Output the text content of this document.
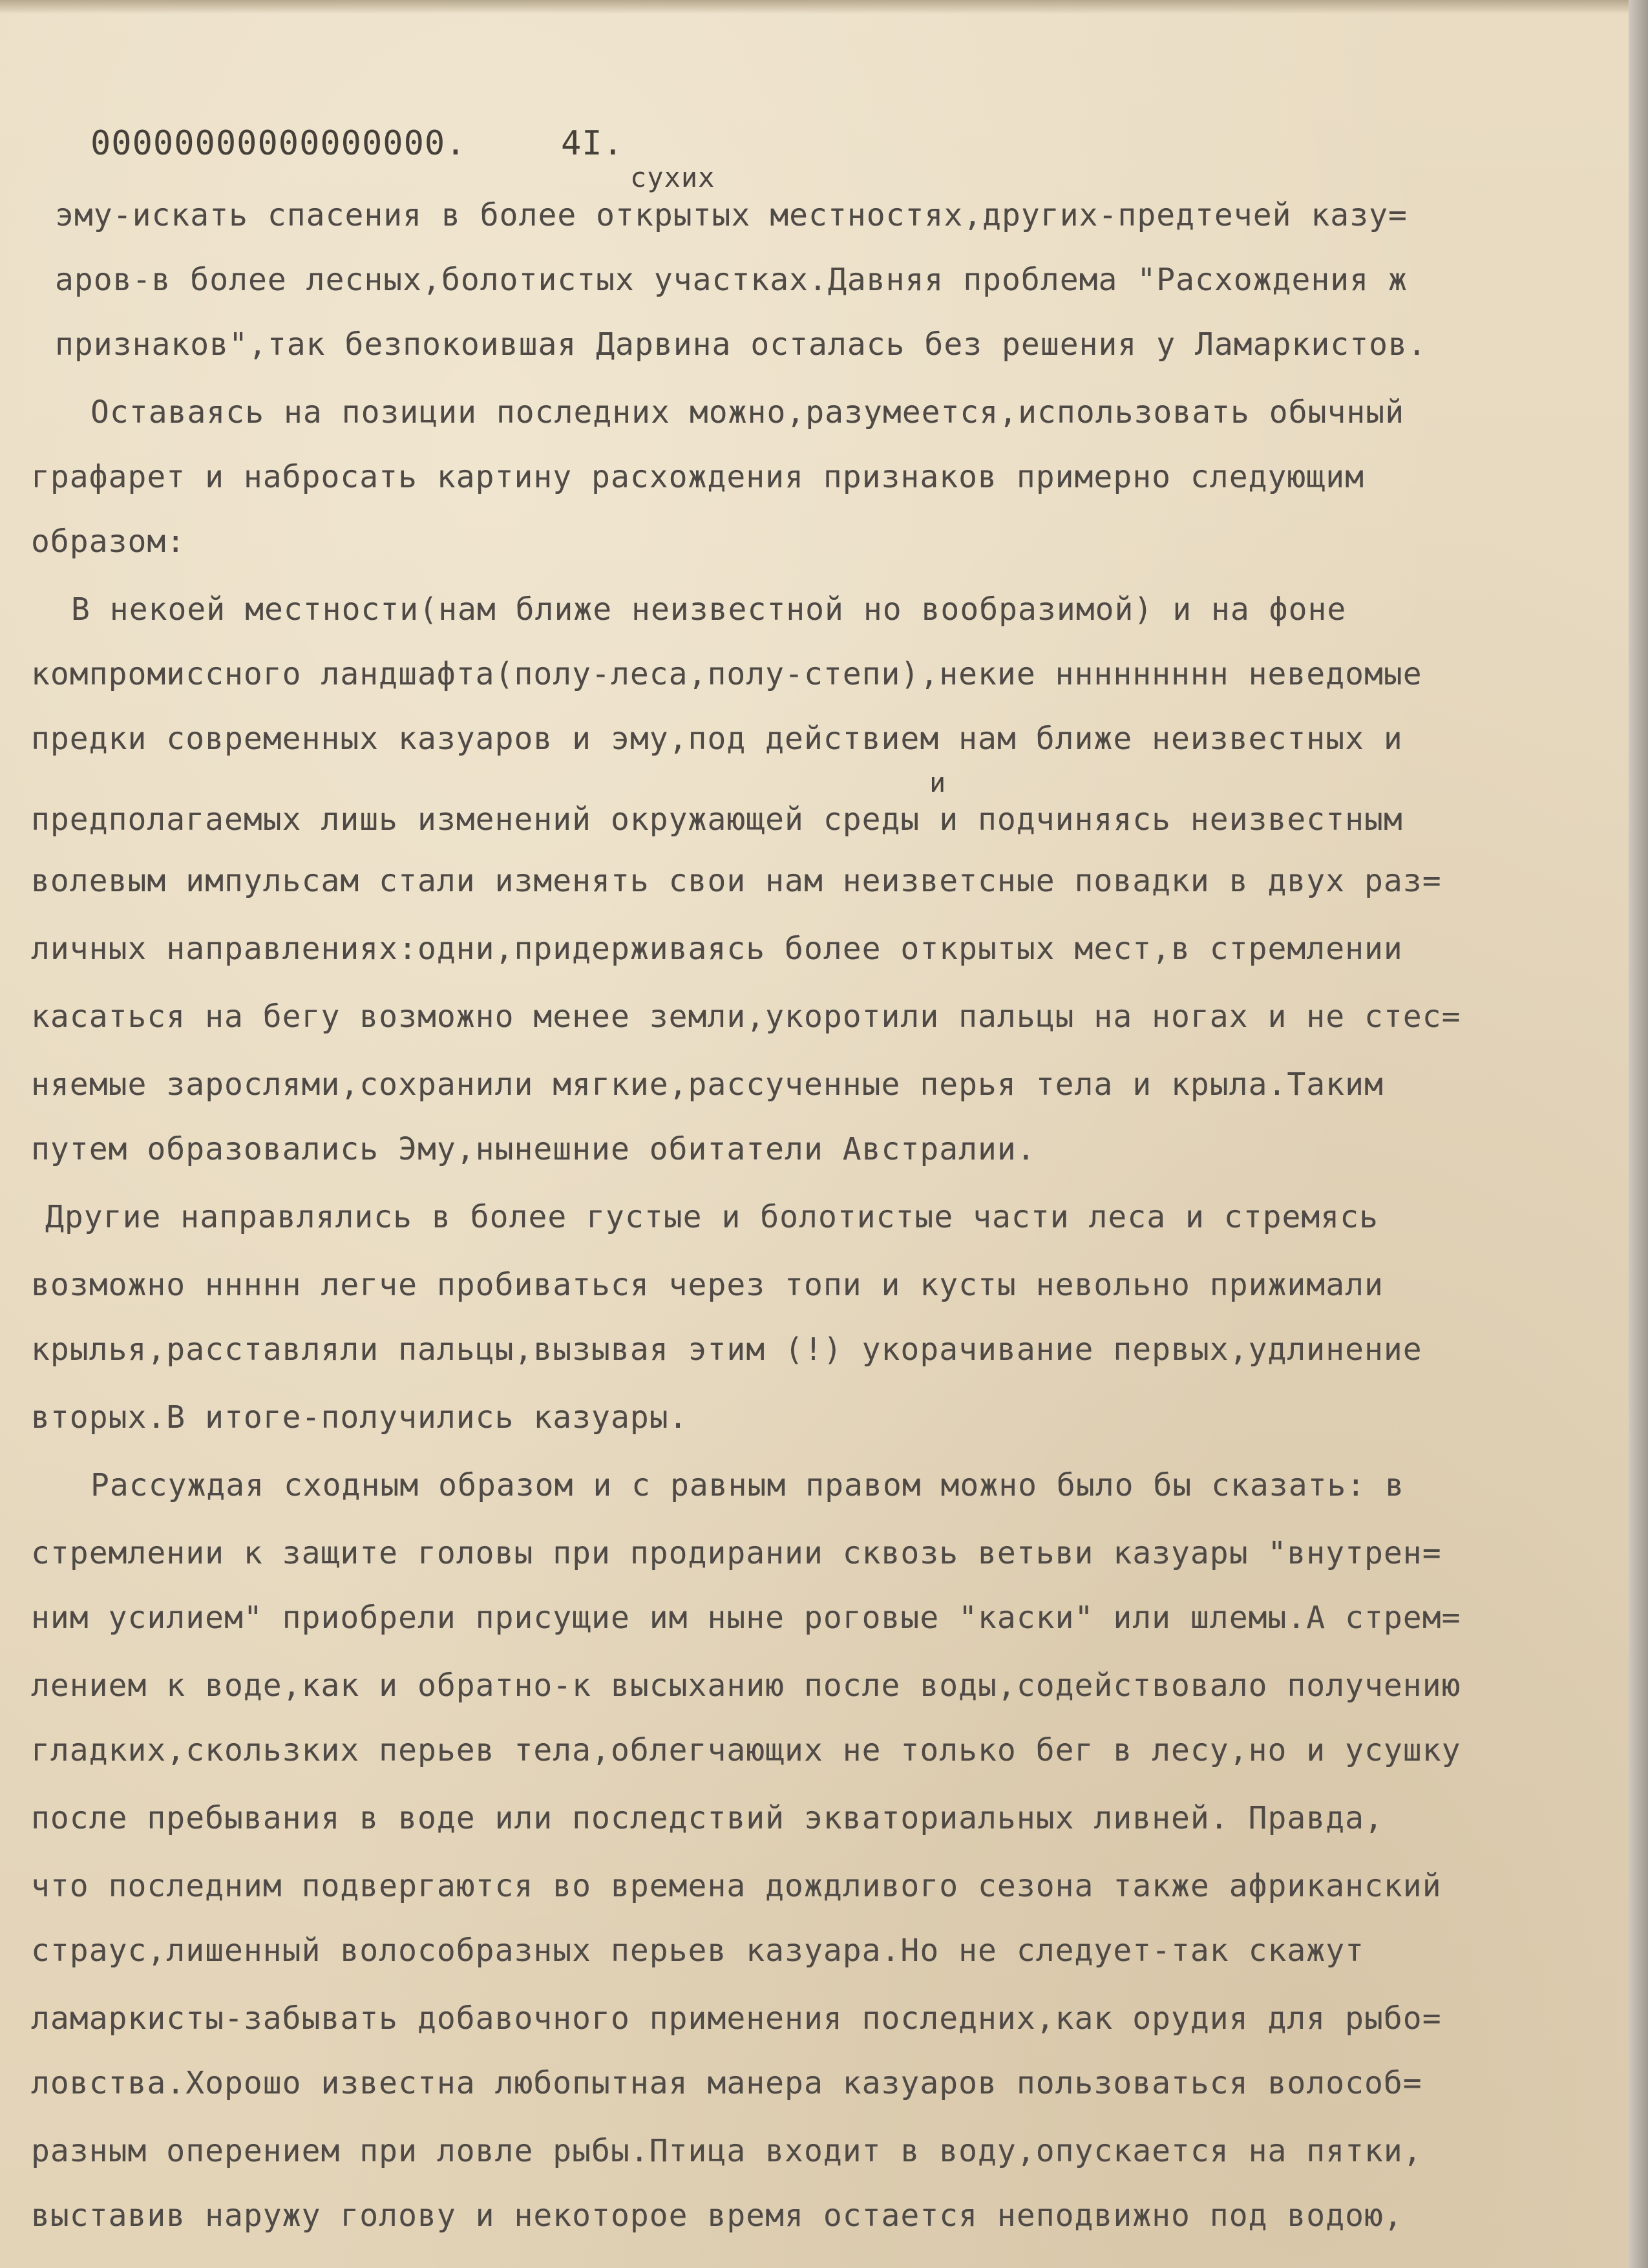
00000000000000000.

	4I.

сухих

и

эму-искать спасения в более открытых местностях,других-предтечей казу=

аров-в более лесных,болотистых участках.Давняя проблема "Расхождения ж

признаков",так безпокоившая Дарвина осталась без решения у Ламаркистов.

Оставаясь на позиции последних можно,разумеется,использовать обычный

графарет и набросать картину расхождения признаков примерно следующим

образом:

В некоей местности(нам ближе неизвестной но вообразимой) и на фоне

компромиссного ландшафта(полу-леса,полу-степи),некие ннннннннн неведомые

предки современных казуаров и эму,под действием нам ближе неизвестных и

предполагаемых лишь изменений окружающей среды и подчиняясь неизвестным

волевым импульсам стали изменять свои нам неизветсные повадки в двух раз=

личных направлениях:одни,придерживаясь более открытых мест,в стремлении

касаться на бегу возможно менее земли,укоротили пальцы на ногах и не стес=

няемые зарослями,сохранили мягкие,рассученные перья тела и крыла.Таким

путем образовались Эму,нынешние обитатели Австралии.

Другие направлялись в более густые и болотистые части леса и стремясь

возможно ннннн легче пробиваться через топи и кусты невольно прижимали

крылья,расставляли пальцы,вызывая этим (!) укорачивание первых,удлинение

вторых.В итоге-получились казуары.

Рассуждая сходным образом и с равным правом можно было бы сказать: в

стремлении к защите головы при продирании сквозь ветьви казуары "внутрен=

ним усилием" приобрели присущие им ныне роговые "каски" или шлемы.А стрем=

лением к воде,как и обратно-к высыханию после воды,содействовало получению

гладких,скользких перьев тела,облегчающих не только бег в лесу,но и усушку

после пребывания в воде или последствий экваториальных ливней. Правда,

что последним подвергаются во времена дождливого сезона также африканский

страус,лишенный волособразных перьев казуара.Но не следует-так скажут

ламаркисты-забывать добавочного применения последних,как орудия для рыбо=

ловства.Хорошо известна любопытная манера казуаров пользоваться волособ=

разным оперением при ловле рыбы.Птица входит в воду,опускается на пятки,

выставив наружу голову и некоторое время остается неподвижно под водою,
